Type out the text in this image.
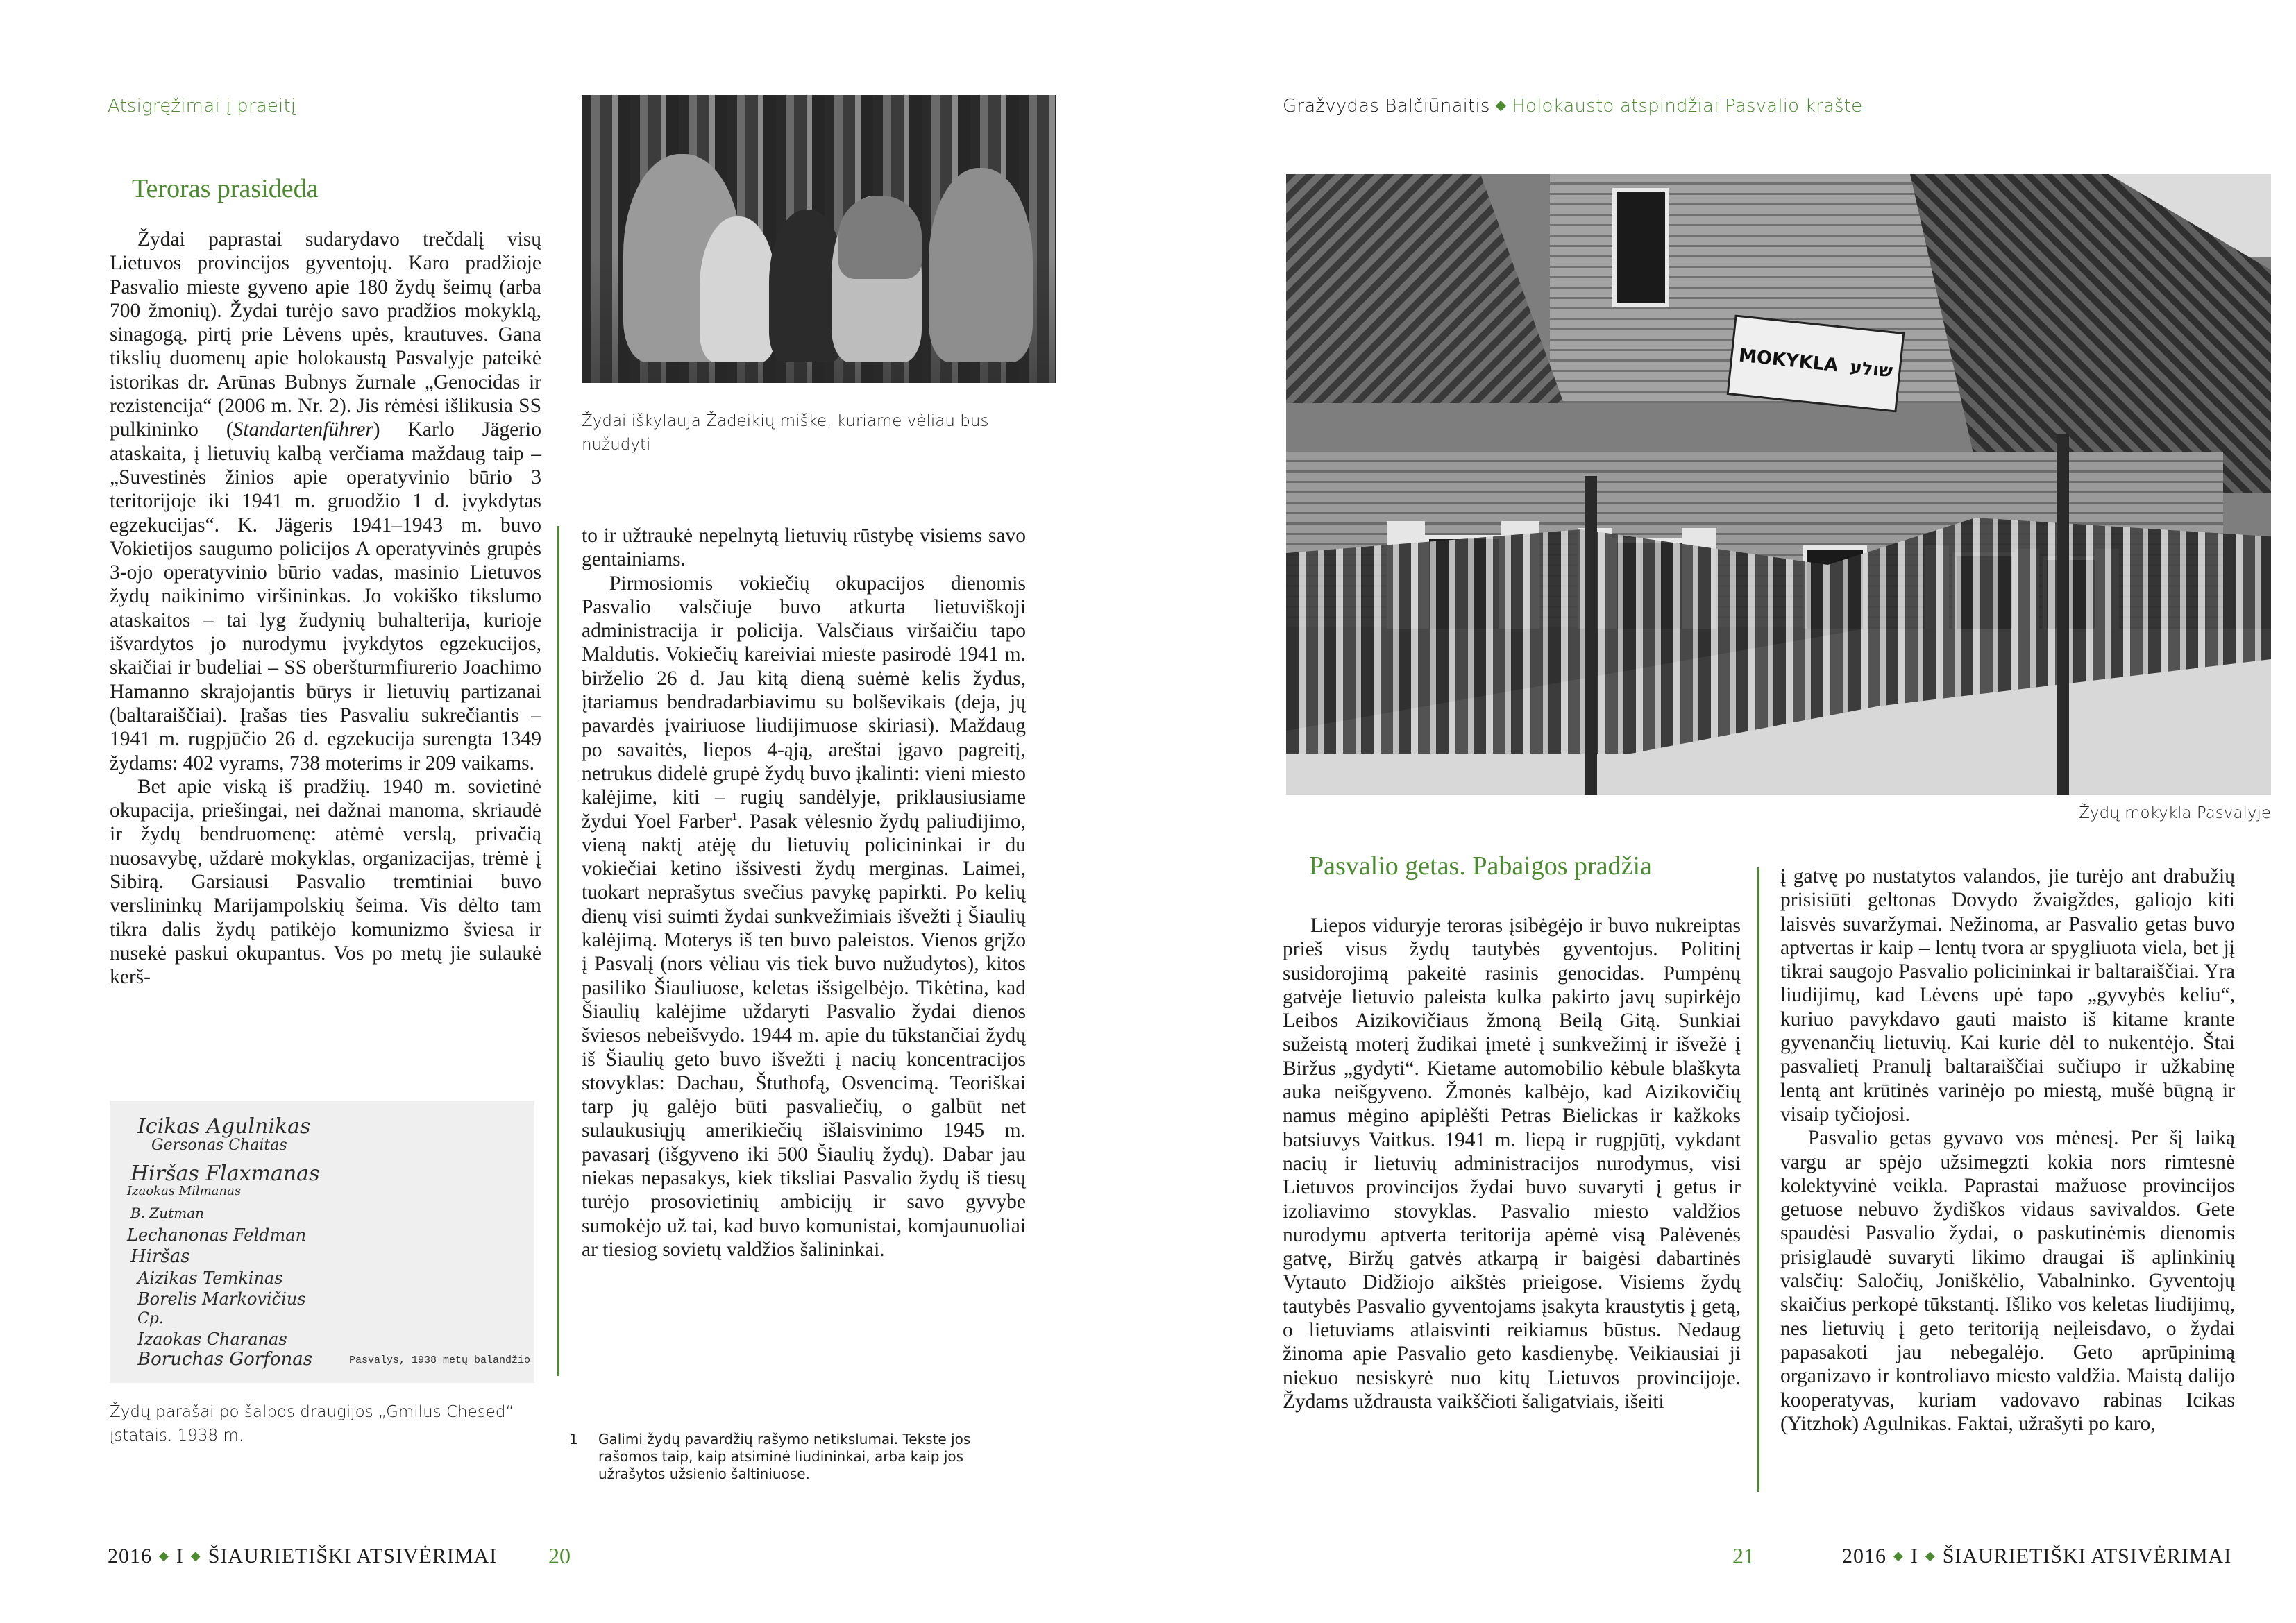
Atsigręžimai į praeitį
Teroras prasideda

Žydai paprastai sudarydavo trečdalį visų Lietuvos provincijos gyventojų. Karo pradžioje Pasvalio mieste gyveno apie 180 žydų šeimų (arba 700 žmonių). Žydai turėjo savo pradžios mokyklą, sinagogą, pirtį prie Lėvens upės, krautuves. Gana tikslių duomenų apie holokaustą Pasvalyje pateikė istorikas dr. Arūnas Bubnys žurnale „Genocidas ir rezistencija“ (2006 m. Nr. 2). Jis rėmėsi išlikusia SS pulkininko (Standartenführer) Karlo Jägerio ataskaita, į lietuvių kalbą verčiama maždaug taip – „Suvestinės žinios apie operatyvinio būrio 3 teritorijoje iki 1941 m. gruodžio 1 d. įvykdytas egzekucijas“. K. Jägeris 1941–1943 m. buvo Vokietijos saugumo policijos A operatyvinės grupės 3-ojo operatyvinio būrio vadas, masinio Lietuvos žydų naikinimo viršininkas. Jo vokiško tikslumo ataskaitos – tai lyg žudynių buhalterija, kurioje išvardytos jo nurodymu įvykdytos egzekucijos, skaičiai ir budeliai – SS oberšturmfiurerio Joachimo Hamanno skrajojantis būrys ir lietuvių partizanai (baltaraiščiai). Įrašas ties Pasvaliu sukrečiantis – 1941 m. rugpjūčio 26 d. egzekucija surengta 1349 žydams: 402 vyrams, 738 moterims ir 209 vaikams.

Bet apie viską iš pradžių. 1940 m. sovietinė okupacija, priešingai, nei dažnai manoma, skriaudė ir žydų bendruomenę: atėmė verslą, privačią nuosavybę, uždarė mokyklas, organizacijas, trėmė į Sibirą. Garsiausi Pasvalio tremtiniai buvo verslininkų Marijampolskių šeima. Vis dėlto tam tikra dalis žydų patikėjo komunizmo šviesa ir nusekė paskui okupantus. Vos po metų jie sulaukė kerš-

Žydai iškylauja Žadeikių miške, kuriame vėliau bus nužudyti

to ir užtraukė nepelnytą lietuvių rūstybę visiems savo gentainiams.

Pirmosiomis vokiečių okupacijos dienomis Pasvalio valsčiuje buvo atkurta lietuviškoji administracija ir policija. Valsčiaus viršaičiu tapo Maldutis. Vokiečių kareiviai mieste pasirodė 1941 m. birželio 26 d. Jau kitą dieną suėmė kelis žydus, įtariamus bendradarbiavimu su bolševikais (deja, jų pavardės įvairiuose liudijimuose skiriasi). Maždaug po savaitės, liepos 4-ąją, areštai įgavo pagreitį, netrukus didelė grupė žydų buvo įkalinti: vieni miesto kalėjime, kiti – rugių sandėlyje, priklausiusiame žydui Yoel Farber$^1$. Pasak vėlesnio žydų paliudijimo, vieną naktį atėję du lietuvių policininkai ir du vokiečiai ketino išsivesti žydų merginas. Laimei, tuokart neprašytus svečius pavykę papirkti. Po kelių dienų visi suimti žydai sunkvežimiais išvežti į Šiaulių kalėjimą. Moterys iš ten buvo paleistos. Vienos grįžo į Pasvalį (nors vėliau vis tiek buvo nužudytos), kitos pasiliko Šiauliuose, keletas išsigelbėjo. Tikėtina, kad Šiaulių kalėjime uždaryti Pasvalio žydai dienos šviesos nebeišvydo. 1944 m. apie du tūkstančiai žydų iš Šiaulių geto buvo išvežti į nacių koncentracijos stovyklas: Dachau, Štuthofą, Osvencimą. Teoriškai tarp jų galėjo būti pasvaliečių, o galbūt net sulaukusiųjų amerikiečių išlaisvinimo 1945 m. pavasarį (išgyveno iki 500 Šiaulių žydų). Dabar jau niekas nepasakys, kiek tiksliai Pasvalio žydų iš tiesų turėjo prosovietinių ambicijų ir savo gyvybe sumokėjo už tai, kad buvo komunistai, komjaunuoliai ar tiesiog sovietų valdžios šalininkai.

Icikas Agulnikas
Gersonas Chaitas
Hiršas Flaxmanas
Izaokas Milmanas
B. Zutman
Lechanonas Feldman
Hiršas
Aizikas Temkinas
Borelis Markovičius
Cp.
Izaokas Charanas
Boruchas Gorfonas	Pasvalys, 1938 metų balandžio
Žydų parašai po šalpos draugijos „Gmilus Chesed“ įstatais. 1938 m.	1	Galimi žydų pavardžių rašymo netikslumai. Tekste jos rašomos taip, kaip atsiminė liudininkai, arba kaip jos užrašytos užsienio šaltiniuose.
2016 ◆ I ◆ ŠIAURIETIŠKI ATSIVĖRIMAI 20
Gražvydas Balčiūnaitis ◆ Holokausto atspindžiai Pasvalio krašte
MOKYKLA שולע
Žydų mokykla Pasvalyje
Pasvalio getas. Pabaigos pradžia

Liepos viduryje teroras įsibėgėjo ir buvo nukreiptas prieš visus žydų tautybės gyventojus. Politinį susidorojimą pakeitė rasinis genocidas. Pumpėnų gatvėje lietuvio paleista kulka pakirto javų supirkėjo Leibos Aizikovičiaus žmoną Beilą Gitą. Sunkiai sužeistą moterį žudikai įmetė į sunkvežimį ir išvežė į Biržus „gydyti“. Kietame automobilio kėbule blaškyta auka neišgyveno. Žmonės kalbėjo, kad Aizikovičių namus mėgino apiplėšti Petras Bielickas ir kažkoks batsiuvys Vaitkus. 1941 m. liepą ir rugpjūtį, vykdant nacių ir lietuvių administracijos nurodymus, visi Lietuvos provincijos žydai buvo suvaryti į getus ir izoliavimo stovyklas. Pasvalio miesto valdžios nurodymu aptverta teritorija apėmė visą Palėvenės gatvę, Biržų gatvės atkarpą ir baigėsi dabartinės Vytauto Didžiojo aikštės prieigose. Visiems žydų tautybės Pasvalio gyventojams įsakyta kraustytis į getą, o lietuviams atlaisvinti reikiamus būstus. Nedaug žinoma apie Pasvalio geto kasdienybę. Veikiausiai ji niekuo nesiskyrė nuo kitų Lietuvos provincijoje. Žydams uždrausta vaikščioti šaligatviais, išeiti

į gatvę po nustatytos valandos, jie turėjo ant drabužių prisisiūti geltonas Dovydo žvaigždes, galiojo kiti laisvės suvaržymai. Nežinoma, ar Pasvalio getas buvo aptvertas ir kaip – lentų tvora ar spygliuota viela, bet jį tikrai saugojo Pasvalio policininkai ir baltaraiščiai. Yra liudijimų, kad Lėvens upė tapo „gyvybės keliu“, kuriuo pavykdavo gauti maisto iš kitame krante gyvenančių lietuvių. Kai kurie dėl to nukentėjo. Štai pasvalietį Pranulį baltaraiščiai sučiupo ir užkabinę lentą ant krūtinės varinėjo po miestą, mušė būgną ir visaip tyčiojosi.

Pasvalio getas gyvavo vos mėnesį. Per šį laiką vargu ar spėjo užsimegzti kokia nors rimtesnė kolektyvinė veikla. Paprastai mažuose provincijos getuose nebuvo žydiškos vidaus savivaldos. Gete spaudėsi Pasvalio žydai, o paskutinėmis dienomis prisiglaudė suvaryti likimo draugai iš aplinkinių valsčių: Saločių, Joniškėlio, Vabalninko. Gyventojų skaičius perkopė tūkstantį. Išliko vos keletas liudijimų, nes lietuvių į geto teritoriją neįleisdavo, o žydai papasakoti jau nebegalėjo. Geto aprūpinimą organizavo ir kontroliavo miesto valdžia. Maistą dalijo kooperatyvas, kuriam vadovavo rabinas Icikas (Yitzhok) Agulnikas. Faktai, užrašyti po karo,

21	2016 ◆ I ◆ ŠIAURIETIŠKI ATSIVĖRIMAI
